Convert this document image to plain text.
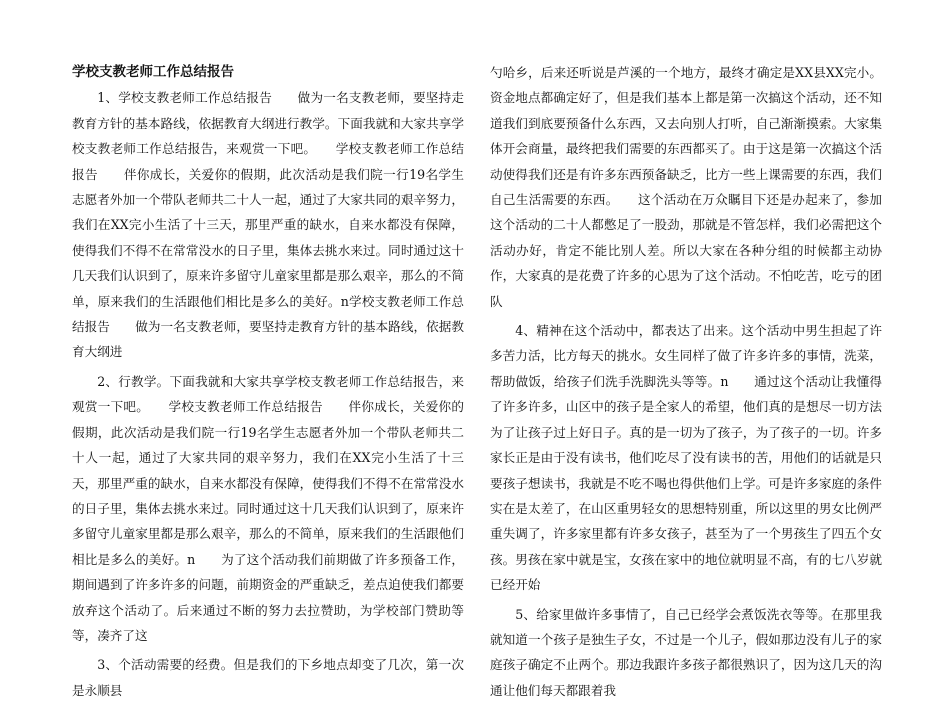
学校支教老师工作总结报告

1、学校支教老师工作总结报告　　做为一名支教老师，要坚持走教育方针的基本路线，依据教育大纲进行教学。下面我就和大家共享学校支教老师工作总结报告，来观赏一下吧。　　学校支教老师工作总结报告　　伴你成长，关爱你的假期，此次活动是我们院一行19名学生志愿者外加一个带队老师共二十人一起，通过了大家共同的艰辛努力，我们在XX完小生活了十三天，那里严重的缺水，自来水都没有保障，使得我们不得不在常常没水的日子里，集体去挑水来过。同时通过这十几天我们认识到了，原来许多留守儿童家里都是那么艰辛，那么的不简单，原来我们的生活跟他们相比是多么的美好。n学校支教老师工作总结报告　　做为一名支教老师，要坚持走教育方针的基本路线，依据教育大纲进

2、行教学。下面我就和大家共享学校支教老师工作总结报告，来观赏一下吧。　　学校支教老师工作总结报告　　伴你成长，关爱你的假期，此次活动是我们院一行19名学生志愿者外加一个带队老师共二十人一起，通过了大家共同的艰辛努力，我们在XX完小生活了十三天，那里严重的缺水，自来水都没有保障，使得我们不得不在常常没水的日子里，集体去挑水来过。同时通过这十几天我们认识到了，原来许多留守儿童家里都是那么艰辛，那么的不简单，原来我们的生活跟他们相比是多么的美好。n　　为了这个活动我们前期做了许多预备工作，期间遇到了许多许多的问题，前期资金的严重缺乏，差点迫使我们都要放弃这个活动了。后来通过不断的努力去拉赞助，为学校部门赞助等等，凑齐了这

3、个活动需要的经费。但是我们的下乡地点却变了几次，第一次是永顺县

勺哈乡，后来还听说是芦溪的一个地方，最终才确定是XX县XX完小。资金地点都确定好了，但是我们基本上都是第一次搞这个活动，还不知道我们到底要预备什么东西，又去向别人打听，自己渐渐摸索。大家集体开会商量，最终把我们需要的东西都买了。由于这是第一次搞这个活动使得我们还是有许多东西预备缺乏，比方一些上课需要的东西，我们自己生活需要的东西。　　这个活动在万众瞩目下还是办起来了，参加这个活动的二十人都憋足了一股劲，那就是不管怎样，我们必需把这个活动办好，肯定不能比别人差。所以大家在各种分组的时候都主动协作，大家真的是花费了许多的心思为了这个活动。不怕吃苦，吃亏的团队

4、精神在这个活动中，都表达了出来。这个活动中男生担起了许多苦力活，比方每天的挑水。女生同样了做了许多许多的事情，洗菜，帮助做饭，给孩子们洗手洗脚洗头等等。n　　通过这个活动让我懂得了许多许多，山区中的孩子是全家人的希望，他们真的是想尽一切方法为了让孩子过上好日子。真的是一切为了孩子，为了孩子的一切。许多家长正是由于没有读书，他们吃尽了没有读书的苦，用他们的话就是只要孩子想读书，我就是不吃不喝也得供他们上学。可是许多家庭的条件实在是太差了，在山区重男轻女的思想特别重，所以这里的男女比例严重失调了，许多家里都有许多女孩子，甚至为了一个男孩生了四五个女孩。男孩在家中就是宝，女孩在家中的地位就明显不高，有的七八岁就已经开始

5、给家里做许多事情了，自己已经学会煮饭洗衣等等。在那里我就知道一个孩子是独生子女，不过是一个儿子，假如那边没有儿子的家庭孩子确定不止两个。那边我跟许多孩子都很熟识了，因为这几天的沟通让他们每天都跟着我
